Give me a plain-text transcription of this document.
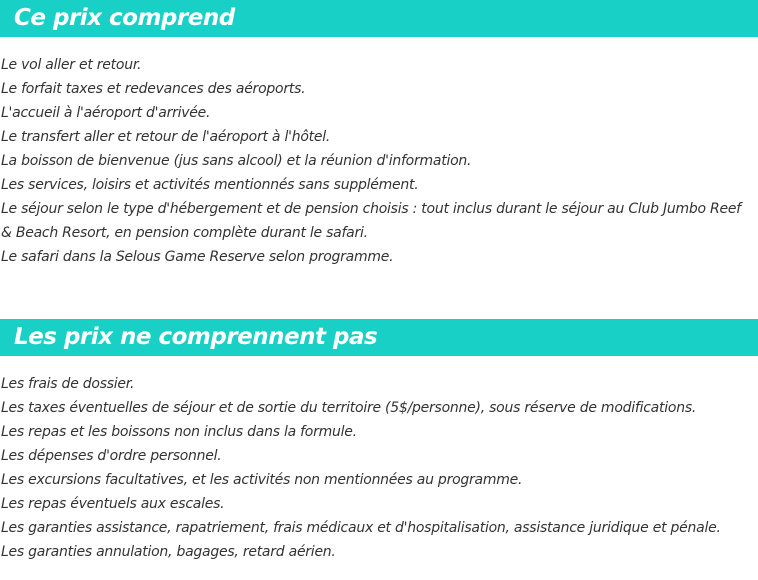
Ce prix comprend
Le vol aller et retour.
Le forfait taxes et redevances des aéroports.
L'accueil à l'aéroport d'arrivée.
Le transfert aller et retour de l'aéroport à l'hôtel.
La boisson de bienvenue (jus sans alcool) et la réunion d'information.
Les services, loisirs et activités mentionnés sans supplément.
Le séjour selon le type d'hébergement et de pension choisis : tout inclus durant le séjour au Club Jumbo Reef & Beach Resort, en pension complète durant le safari.
Le safari dans la Selous Game Reserve selon programme.
Les prix ne comprennent pas
Les frais de dossier.
Les taxes éventuelles de séjour et de sortie du territoire (5$/personne), sous réserve de modifications.
Les repas et les boissons non inclus dans la formule.
Les dépenses d'ordre personnel.
Les excursions facultatives, et les activités non mentionnées au programme.
Les repas éventuels aux escales.
Les garanties assistance, rapatriement, frais médicaux et d'hospitalisation, assistance juridique et pénale.
Les garanties annulation, bagages, retard aérien.
